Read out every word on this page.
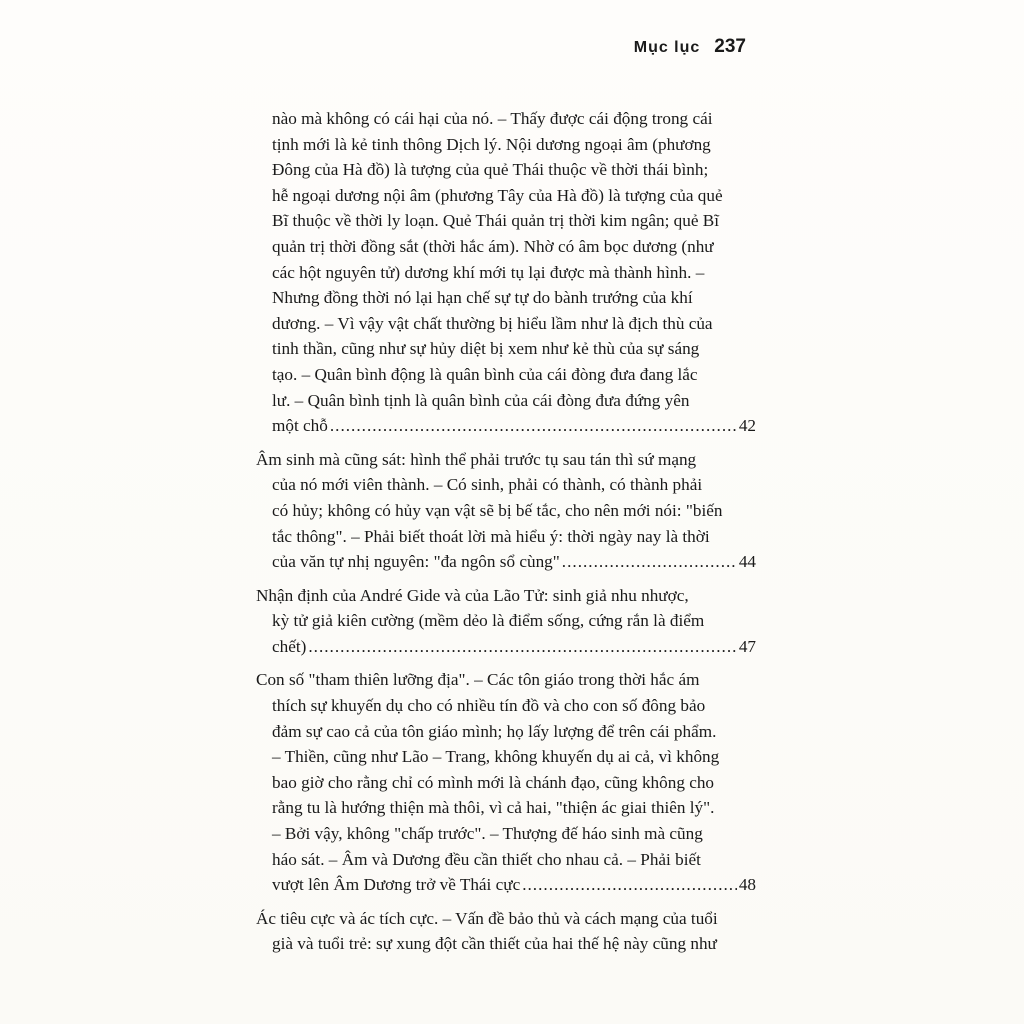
Mục lục 237
nào mà không có cái hại của nó. – Thấy được cái động trong cái
tịnh mới là kẻ tinh thông Dịch lý. Nội dương ngoại âm (phương
Đông của Hà đồ) là tượng của quẻ Thái thuộc về thời thái bình;
hễ ngoại dương nội âm (phương Tây của Hà đồ) là tượng của quẻ
Bĩ thuộc về thời ly loạn. Quẻ Thái quản trị thời kim ngân; quẻ Bĩ
quản trị thời đồng sắt (thời hắc ám). Nhờ có âm bọc dương (như
các hột nguyên tử) dương khí mới tụ lại được mà thành hình. –
Nhưng đồng thời nó lại hạn chế sự tự do bành trướng của khí
dương. – Vì vậy vật chất thường bị hiểu lầm như là địch thù của
tinh thần, cũng như sự hủy diệt bị xem như kẻ thù của sự sáng
tạo. – Quân bình động là quân bình của cái đòng đưa đang lắc
lư. – Quân bình tịnh là quân bình của cái đòng đưa đứng yên
một chỗ .....	42
Âm sinh mà cũng sát: hình thể phải trước tụ sau tán thì sứ mạng
của nó mới viên thành. – Có sinh, phải có thành, có thành phải
có hủy; không có hủy vạn vật sẽ bị bế tắc, cho nên mới nói: "biến
tắc thông". – Phải biết thoát lời mà hiểu ý: thời ngày nay là thời
của văn tự nhị nguyên: "đa ngôn sổ cùng" .....	44
Nhận định của André Gide và của Lão Tử: sinh giả nhu nhược,
kỳ tử giả kiên cường (mềm dẻo là điểm sống, cứng rắn là điểm
chết) .....	47
Con số "tham thiên lưỡng địa". – Các tôn giáo trong thời hắc ám
thích sự khuyến dụ cho có nhiều tín đồ và cho con số đông bảo
đảm sự cao cả của tôn giáo mình; họ lấy lượng để trên cái phẩm.
– Thiền, cũng như Lão – Trang, không khuyến dụ ai cả, vì không
bao giờ cho rằng chỉ có mình mới là chánh đạo, cũng không cho
rằng tu là hướng thiện mà thôi, vì cả hai, "thiện ác giai thiên lý".
– Bởi vậy, không "chấp trước". – Thượng đế háo sinh mà cũng
háo sát. – Âm và Dương đều cần thiết cho nhau cả. – Phải biết
vượt lên Âm Dương trở về Thái cực .....	48
Ác tiêu cực và ác tích cực. – Vấn đề bảo thủ và cách mạng của tuổi
già và tuổi trẻ: sự xung đột cần thiết của hai thế hệ này cũng như
